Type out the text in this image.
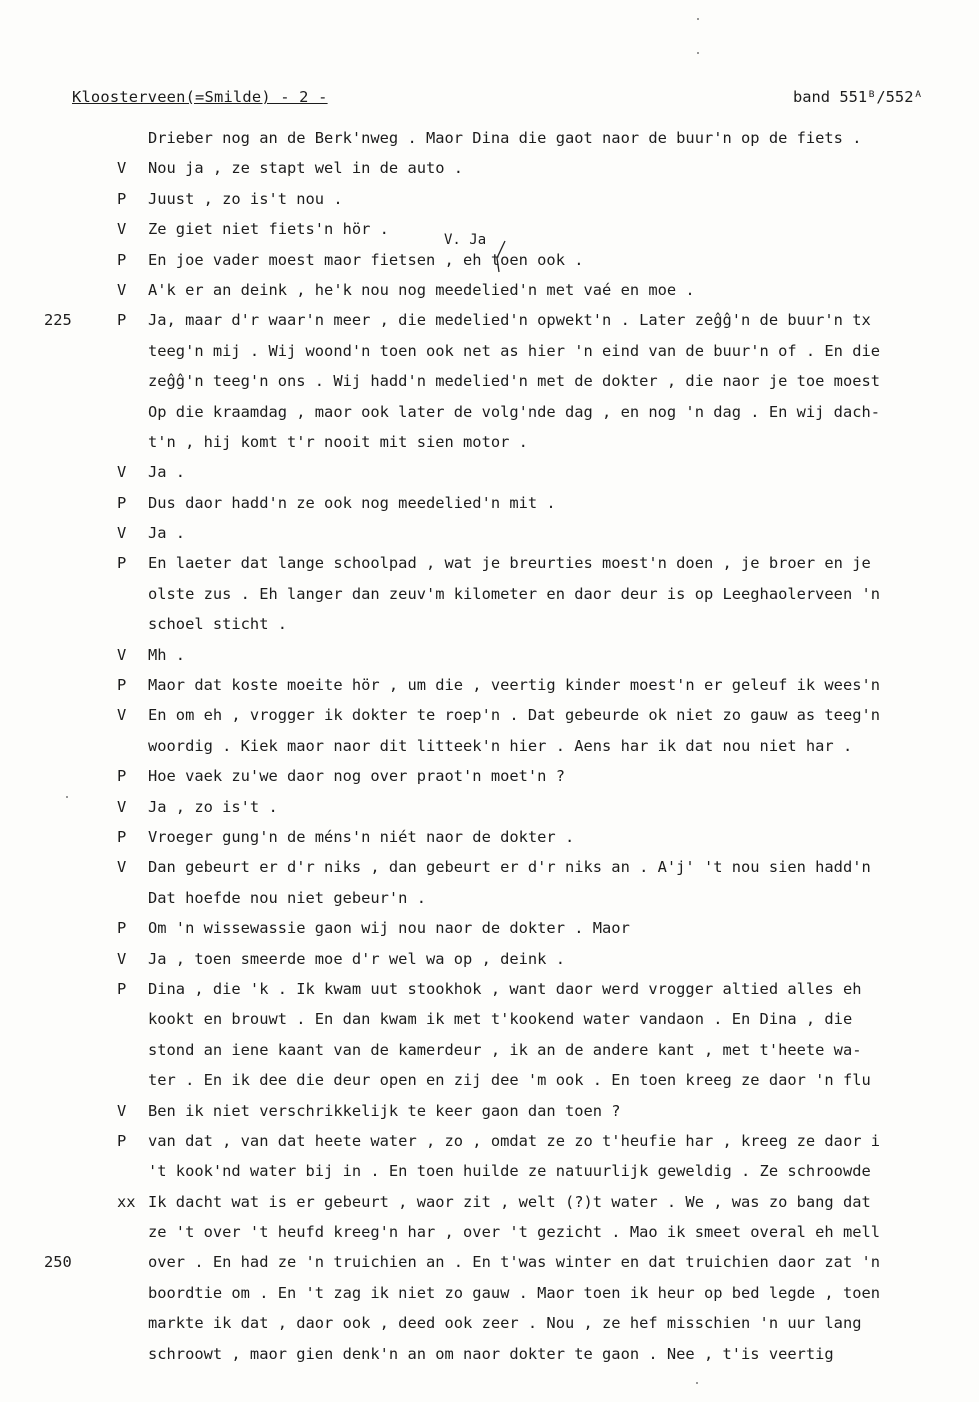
Kloosterveen(=Smilde) - 2 -	band 551ᴮ/552ᴬ
Drieber nog an de Berk'nweg . Maor Dina die gaot naor de buur'n op de fiets .
V Nou ja , ze stapt wel in de auto .
P Juust , zo is't nou .
V Ze giet niet fiets'n hör .
P En joe vader moest maor fietsen , eh toen ook .
V A'k er an deink , he'k nou nog meedelied'n met vaé en moe .
225	P Ja, maar d'r waar'n meer , die medelied'n opwekt'n . Later zeĝĝ'n de buur'n tx
teeg'n mij . Wij woond'n toen ook net as hier 'n eind van de buur'n of . En die
zeĝĝ'n teeg'n ons . Wij hadd'n medelied'n met de dokter , die naor je toe moest
Op die kraamdag , maor ook later de volg'nde dag , en nog 'n dag . En wij dach-
t'n , hij komt t'r nooit mit sien motor .
V Ja .
P Dus daor hadd'n ze ook nog meedelied'n mit .
V Ja .
P En laeter dat lange schoolpad , wat je breurties moest'n doen , je broer en je
olste zus . Eh langer dan zeuv'm kilometer en daor deur is op Leeghaolerveen 'n
schoel sticht .
V Mh .
P Maor dat koste moeite hör , um die , veertig kinder moest'n er geleuf ik wees'n
V En om eh , vrogger ik dokter te roep'n . Dat gebeurde ok niet zo gauw as teeg'n
woordig . Kiek maor naor dit litteek'n hier . Aens har ik dat nou niet har .
P Hoe vaek zu'we daor nog over praot'n moet'n ?
V Ja , zo is't .
P Vroeger gung'n de méns'n niét naor de dokter .
V Dan gebeurt er d'r niks , dan gebeurt er d'r niks an . A'j' 't nou sien hadd'n
Dat hoefde nou niet gebeur'n .
P Om 'n wissewassie gaon wij nou naor de dokter . Maor
V Ja , toen smeerde moe d'r wel wa op , deink .
P Dina , die 'k . Ik kwam uut stookhok , want daor werd vrogger altied alles eh
kookt en brouwt . En dan kwam ik met t'kookend water vandaon . En Dina , die
stond an iene kaant van de kamerdeur , ik an de andere kant , met t'heete wa-
ter . En ik dee die deur open en zij dee 'm ook . En toen kreeg ze daor 'n flu
V Ben ik niet verschrikkelijk te keer gaon dan toen ?
P van dat , van dat heete water , zo , omdat ze zo t'heufie har , kreeg ze daor i
't kook'nd water bij in . En toen huilde ze natuurlijk geweldig . Ze schroowde
xx Ik dacht wat is er gebeurt , waor zit , welt (?)t water . We , was zo bang dat
ze 't over 't heufd kreeg'n har , over 't gezicht . Mao ik smeet overal eh mell
250	over . En had ze 'n truichien an . En t'was winter en dat truichien daor zat 'n
boordtie om . En 't zag ik niet zo gauw . Maor toen ik heur op bed legde , toen
markte ik dat , daor ook , deed ook zeer . Nou , ze hef misschien 'n uur lang
schroowt , maor gien denk'n an om naor dokter te gaon . Nee , t'is veertig
V. Ja
